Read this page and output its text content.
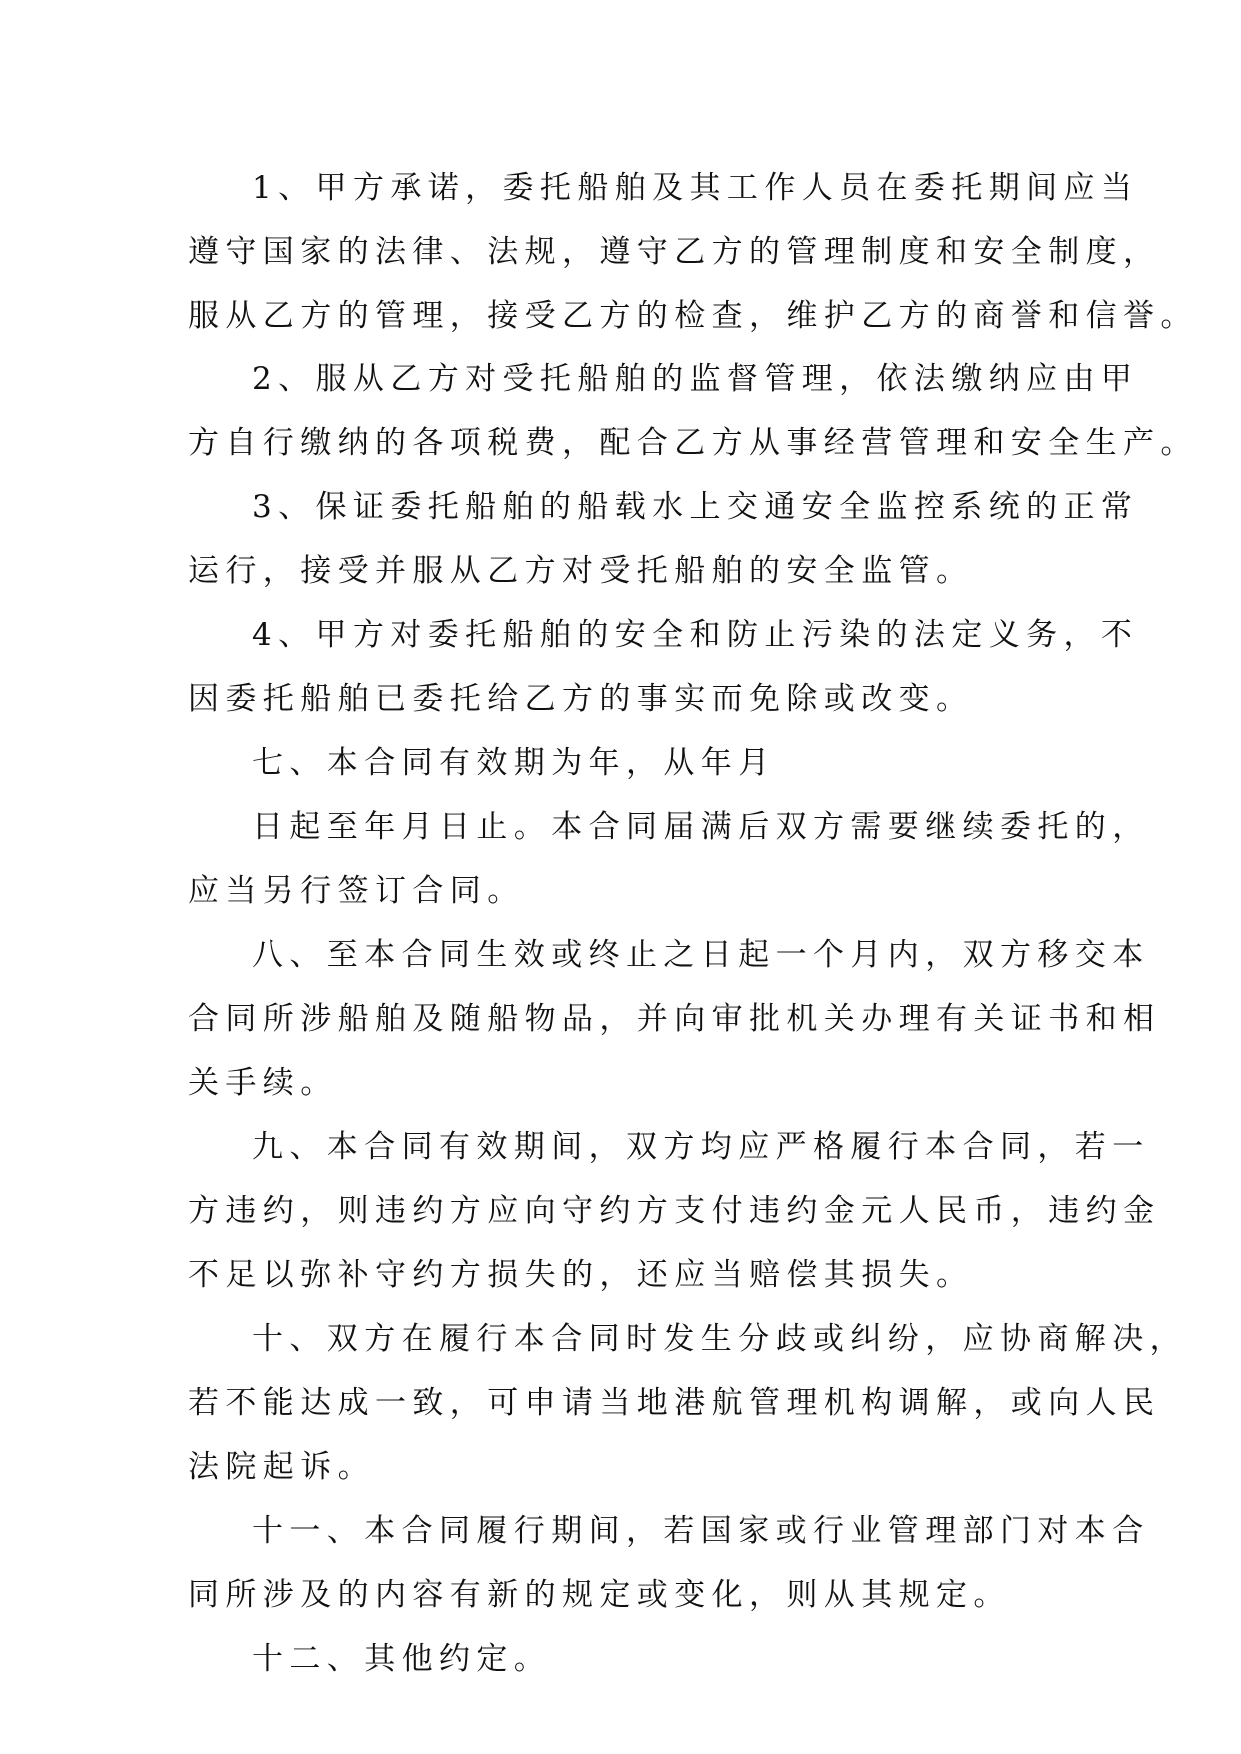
1、甲方承诺，委托船舶及其工作人员在委托期间应当
遵守国家的法律、法规，遵守乙方的管理制度和安全制度，
服从乙方的管理，接受乙方的检查，维护乙方的商誉和信誉。
2、服从乙方对受托船舶的监督管理，依法缴纳应由甲
方自行缴纳的各项税费，配合乙方从事经营管理和安全生产。
3、保证委托船舶的船载水上交通安全监控系统的正常
运行，接受并服从乙方对受托船舶的安全监管。
4、甲方对委托船舶的安全和防止污染的法定义务，不
因委托船舶已委托给乙方的事实而免除或改变。
七、本合同有效期为年，从年月
日起至年月日止。本合同届满后双方需要继续委托的，
应当另行签订合同。
八、至本合同生效或终止之日起一个月内，双方移交本
合同所涉船舶及随船物品，并向审批机关办理有关证书和相
关手续。
九、本合同有效期间，双方均应严格履行本合同，若一
方违约，则违约方应向守约方支付违约金元人民币，违约金
不足以弥补守约方损失的，还应当赔偿其损失。
十、双方在履行本合同时发生分歧或纠纷，应协商解决，
若不能达成一致，可申请当地港航管理机构调解，或向人民
法院起诉。
十一、本合同履行期间，若国家或行业管理部门对本合
同所涉及的内容有新的规定或变化，则从其规定。
十二、其他约定。
